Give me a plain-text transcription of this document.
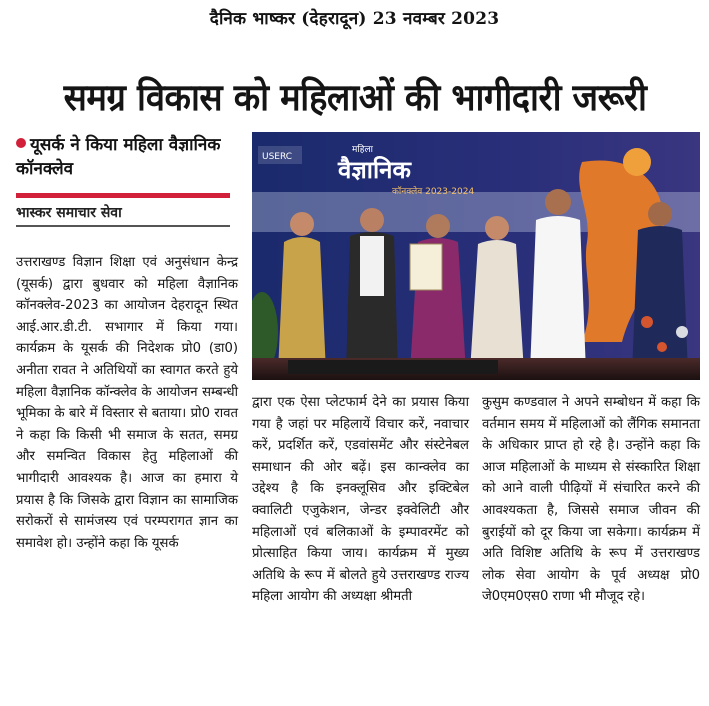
दैनिक भाष्कर (देहरादून) 23 नवम्बर 2023
समग्र विकास को महिलाओं की भागीदारी जरूरी
यूसर्क ने किया महिला वैज्ञानिक कॉनक्लेव
भास्कर समाचार सेवा
USERC
महिला
वैज्ञानिक
कॉनक्लेव 2023-2024
उत्तराखण्ड विज्ञान शिक्षा एवं अनुसंधान केन्द्र (यूसर्क) द्वारा बुधवार को महिला वैज्ञानिक कॉनक्लेव-2023 का आयोजन देहरादून स्थित आई.आर.डी.टी. सभागार में किया गया। कार्यक्रम के यूसर्क की निदेशक प्रो0 (डा0) अनीता रावत ने अतिथियों का स्वागत करते हुये महिला वैज्ञानिक कॉन्क्लेव के आयोजन सम्बन्धी भूमिका के बारे में विस्तार से बताया। प्रो0 रावत ने कहा कि किसी भी समाज के सतत, समग्र और समन्वित विकास हेतु महिलाओं की भागीदारी आवश्यक है। आज का हमारा ये प्रयास है कि जिसके द्वारा विज्ञान का सामाजिक सरोकरों से सामंजस्य एवं परम्परागत ज्ञान का समावेश हो। उन्होंने कहा कि यूसर्क
द्वारा एक ऐसा प्लेटफार्म देने का प्रयास किया गया है जहां पर महिलायें विचार करें, नवाचार करें, प्रदर्शित करें, एडवांसमेंट और संस्टेनेबल समाधान की ओर बढ़ें। इस कान्क्लेव का उद्देश्य है कि इनक्लूसिव और इक्टिबेल क्वालिटी एजुकेशन, जेन्डर इक्वेलिटी और महिलाओं एवं बलिकाओं के इम्पावरमेंट को प्रोत्साहित किया जाय। कार्यक्रम में मुख्य अतिथि के रूप में बोलते हुये उत्तराखण्ड राज्य महिला आयोग की अध्यक्षा श्रीमती
कुसुम कण्डवाल ने अपने सम्बोधन में कहा कि वर्तमान समय में महिलाओं को लैंगिक समानता के अधिकार प्राप्त हो रहे है। उन्होंने कहा कि आज महिलाओं के माध्यम से संस्कारित शिक्षा को आने वाली पीढ़ियों में संचारित करने की आवश्यकता है, जिससे समाज जीवन की बुराईयों को दूर किया जा सकेगा। कार्यक्रम में अति विशिष्ट अतिथि के रूप में उत्तराखण्ड लोक सेवा आयोग के पूर्व अध्यक्ष प्रो0 जे0एम0एस0 राणा भी मौजूद रहे।
